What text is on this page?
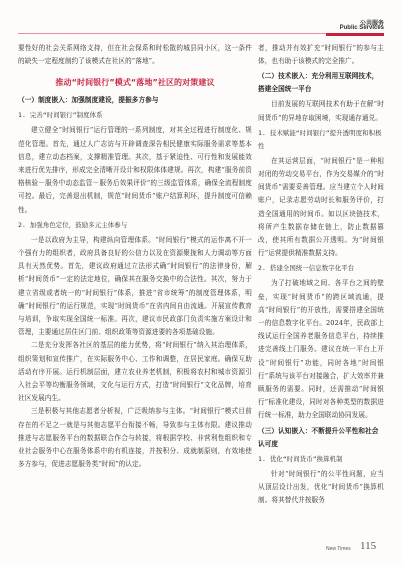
公共服务
Public Services

要性好的社会关系网络支持，但在社会保系和时松散的城县同小区，这一条件的缺失一定程度制约了该模式在社区的“落地”。

推动“时间银行”模式“落地”社区的对策建议
（一）制度嵌入：加强制度建设，提振多方参与
1. 完善“时间银行”制度体系

建立健全“时间银行”运行管理的一系列制度，对其全过程进行制度化、规范化管理。首先，通过人广志访与开辟调查深告相民健康实际服务需求等基本信息，建立动态档案，支撑精准管理。其次，基于紧迫性、可行性和发展能效来进行优先排序，形成完全清晰开设计和权限体体建规。再次，构建“服务前资格核验－服务中动态监管－服务后效果评价”的三级监管体系，确保全流程制度可控。最后，完善退出机制，规范“时间货币”账户结算利环，提升制度可信赖性。

2. 加强角色定位，鼓励多元主体参与

一是以政府为主导，构建纵向管理体系。“时间银行”模式的运作离不开一个强有力的组织者，政府具备良好的公信力以及在资源聚拢和人力调动等方面具有天然优势。首先，建议政府通过立法形式确“时间银行”的法律身份，解析“时间货币”一定的法定地位，确保其在服务交换中的合法性。其次，努力于建立省级或者统一的“时间银行”体系，推进“省市统筹”的制度管理体系，明确“时间银行”的运行规范，实现“时间货币”在省内间自由流通。开展宣传教育与培训，争取实现全国统一标准。再次，建议市民政部门负责实施方案设计和管理，主要通过居住区门前、组织政策等资源进要的各项基础设施。

二是充分发挥各社区的基层的能力优势，将“时间银行”纳入其治理体系，组织策划和宣传推广，在实际服务中心、工作和调整，在居民家庭。确保互助活动有序开展。运行机制层面，建立农业养老机制，积极将农村和城市资源引入社会平等均衡服务领域，文化与运行方式，打造“时间银行”文化品牌，培育社区发展内生。

三是积极与其他志愿者分析视，广泛吸纳参与主体。“时间银行”模式目前存在的不足之一就是与其他志愿平台衔接不畅，导致参与主体有限。建议推动推进与志愿服务平台的数据联合作合与转接，将根据学校、非营利性组织和专业社会服务中心在服务体系中的有机连接，并按积分、成就制原则，有效地使多方参与，促进志愿服务类“时间”的认定。

者，推动并有效扩充“时间银行”的参与主体，也有助于该模式的完全推广。

（二）技术嵌入：充分利用互联网技术，搭建全国统一平台

目前发展的互联网技术有助于在解“时间货币”的异地存取困境，实现通存通兑。

1. 技术赋能“时间银行”提升透明度和积极性

在其运营层面，“时间银行”是一种相对闭的劳动交易平台，作为交易媒介的“时间货币”需要妥善管理。应当建立个人时间账户，记录志愿劳动时长和服务评价，打造全国通用的时间币。如以区块链技术，将所产生数据存储在链上，防止数据篡改，使其所有数据公开透明。为“时间银行”运营提供精准数据支持。

2. 搭建全国统一信息数字化平台

为了打破地域之间、各平台之间的壁垒，实现“时间货币”的跨区域流通，提高“时间银行”的开放性，需要搭建全国统一的信息数字化平台。2024年，民政部上线试运行全国养老服务信息平台，持续推进完善线上门服务。建议在统一平台上开设“时间银行”功能，同时各地“时间银行”系统与该平台对接融合，扩大效率并兼顾服务的需要。同时，还需推动“时间银行”标准化建设，同时对各种类型的数据进行统一标准，助力全国联动协同发展。

（三）认知嵌入：不断提升公平性和社会认可度
1. 优化“时间货币”换算机制

针对“时间银行”的公平性问题，应当从顶层设计出发，优化“时间货币”换算机制。将其替代并按服务

New Times 115
